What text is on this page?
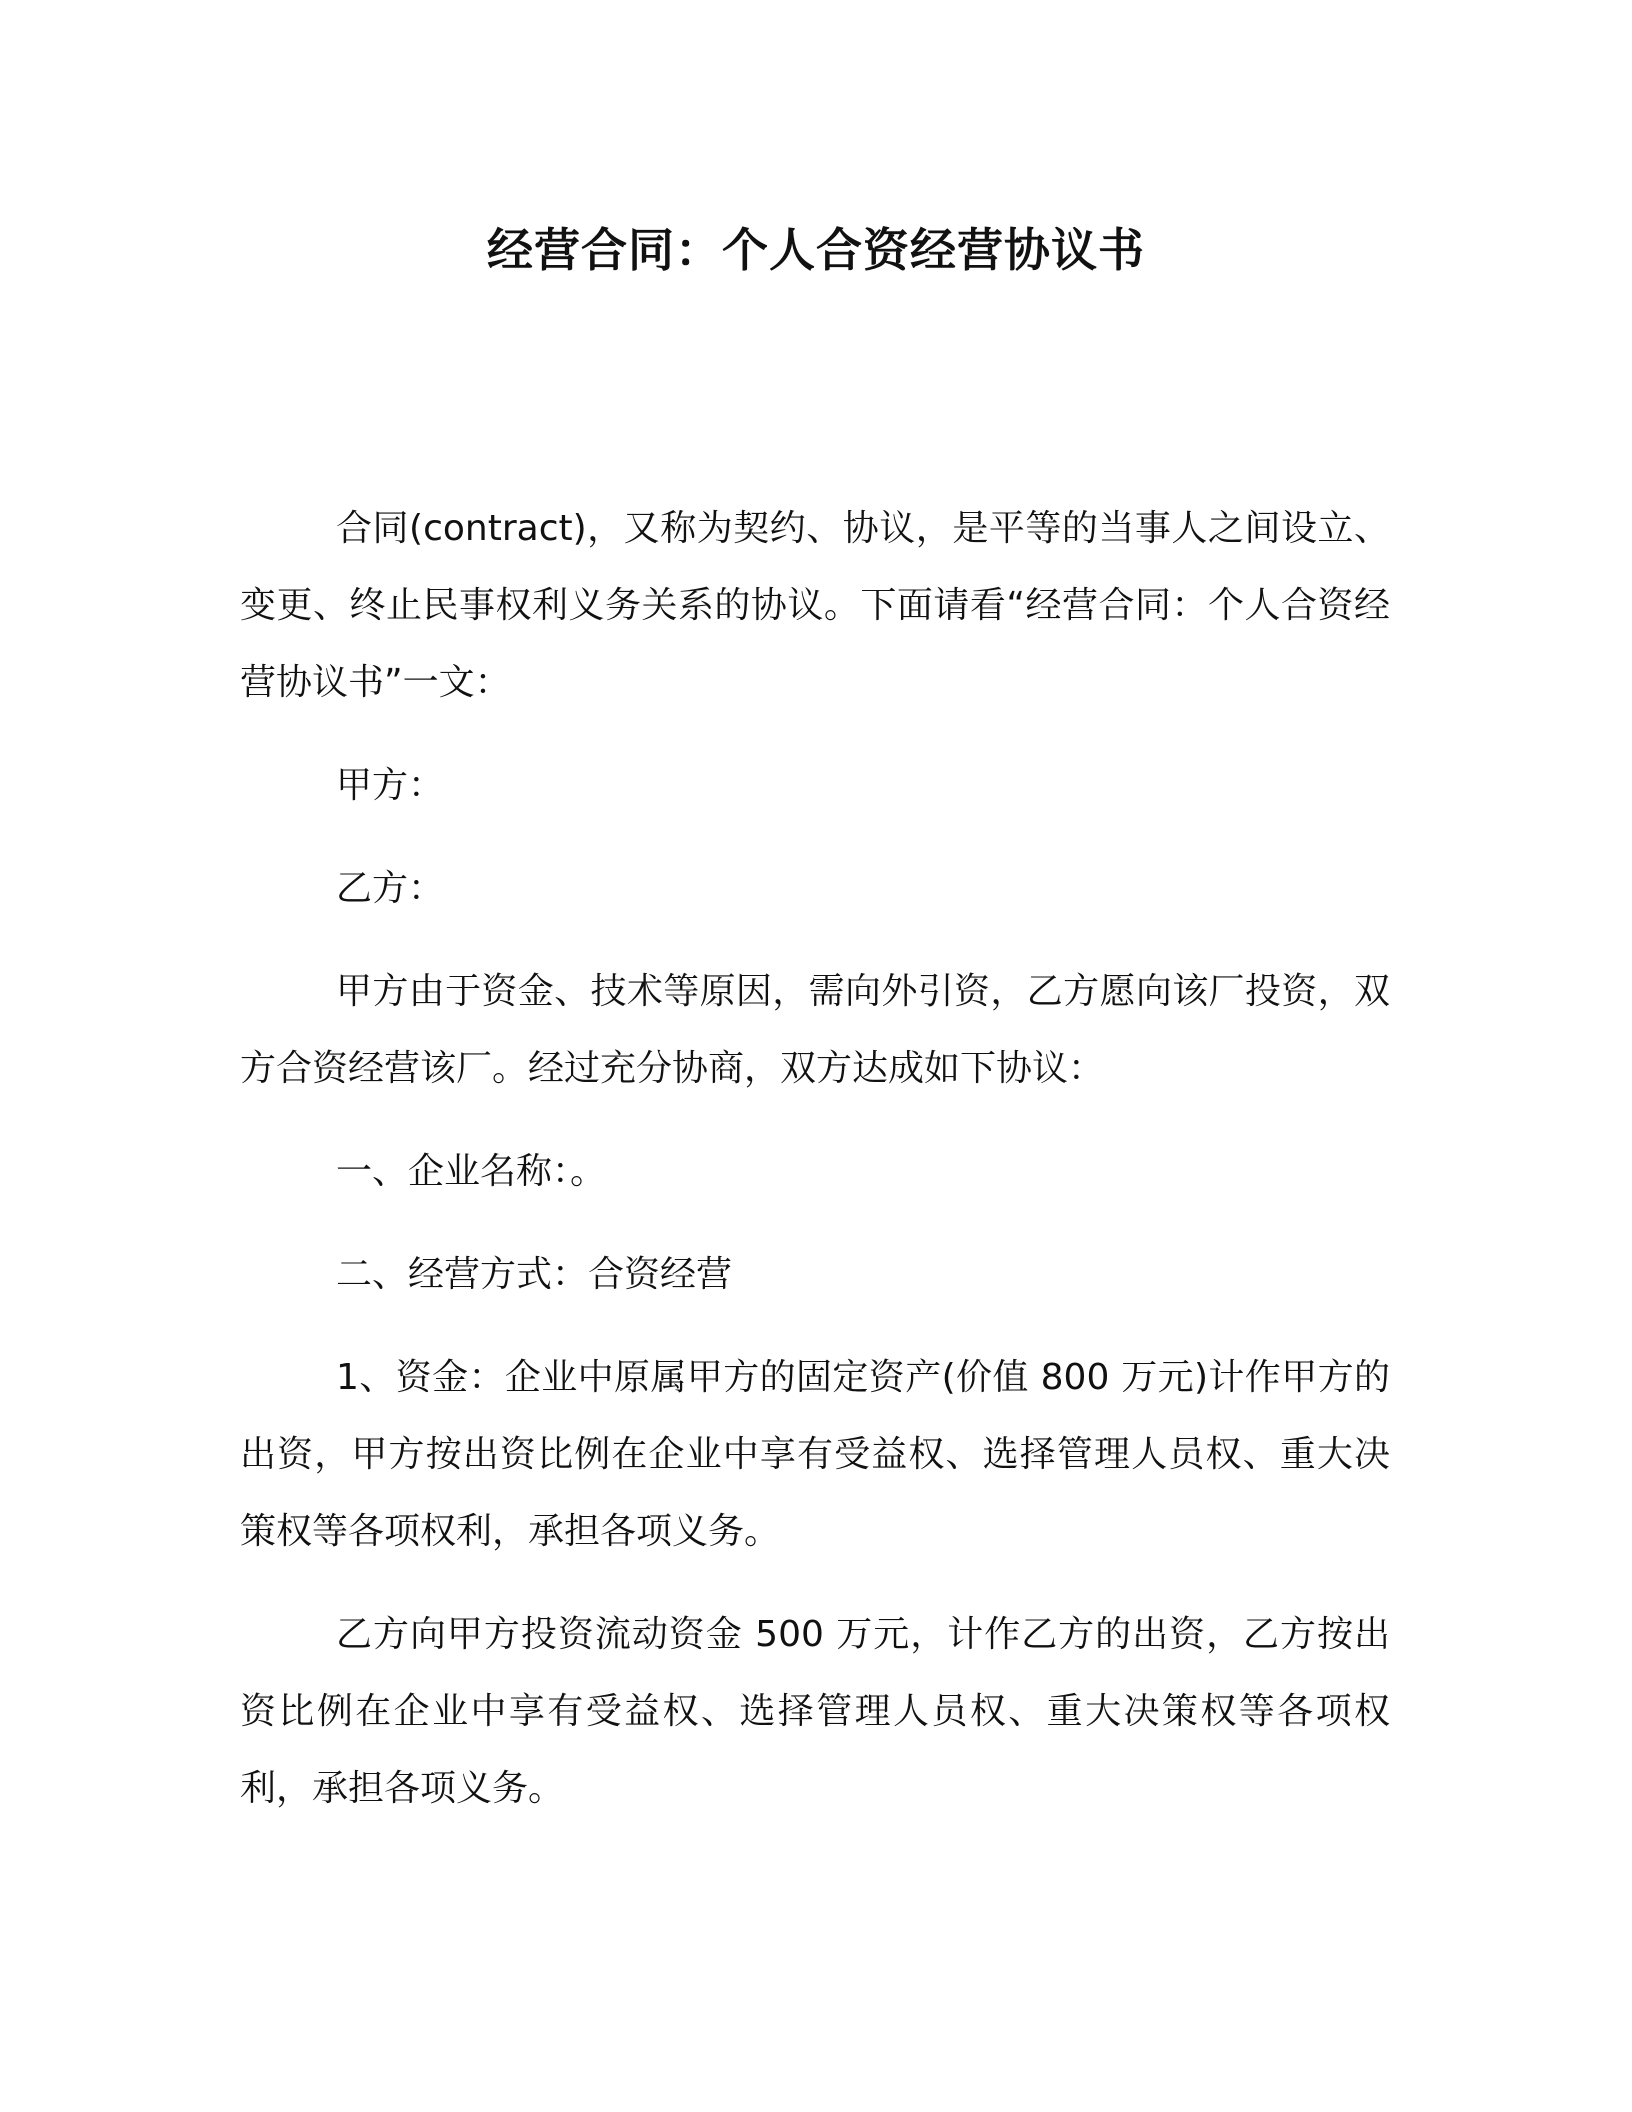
经营合同：个人合资经营协议书

合同(contract)，又称为契约、协议，是平等的当事人之间设立、变更、终止民事权利义务关系的协议。下面请看“经营合同：个人合资经营协议书”一文：

甲方：

乙方：

甲方由于资金、技术等原因，需向外引资，乙方愿向该厂投资，双方合资经营该厂。经过充分协商，双方达成如下协议：

一、企业名称：。

二、经营方式：合资经营

1、资金：企业中原属甲方的固定资产(价值 800 万元)计作甲方的出资，甲方按出资比例在企业中享有受益权、选择管理人员权、重大决策权等各项权利，承担各项义务。

乙方向甲方投资流动资金 500 万元，计作乙方的出资，乙方按出资比例在企业中享有受益权、选择管理人员权、重大决策权等各项权利，承担各项义务。
